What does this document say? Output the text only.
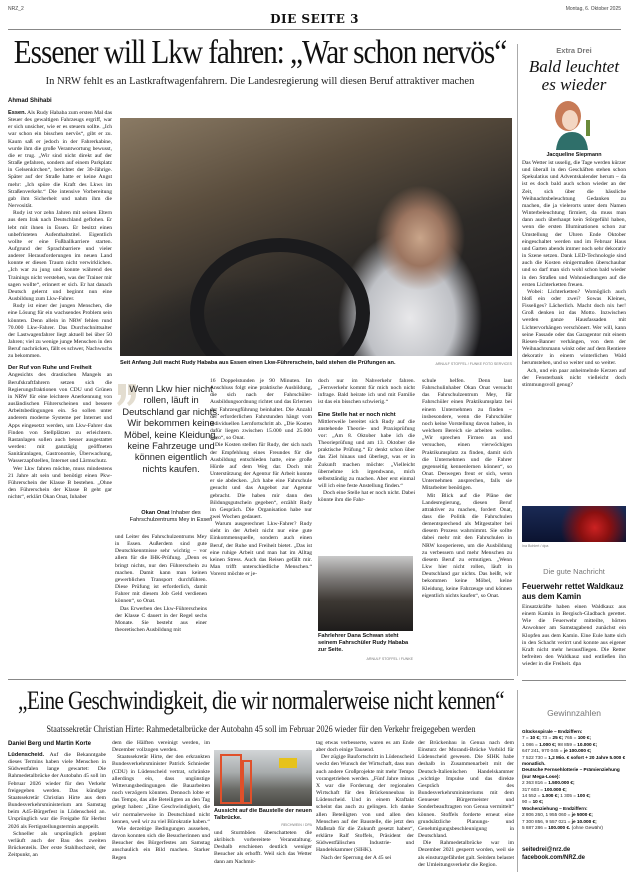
NRZ_2	Montag, 6. Oktober 2025
DIE SEITE 3
Essener will Lkw fahren: „War schon nervös“
In NRW fehlt es an Lastkraftwagenfahrern. Die Landesregierung will diesen Beruf attraktiver machen
Ahmad Shihabi

Essen. Als Rudy Hababa zum ersten Mal das Steuer des gewaltigen Fahrzeugs ergriff, war er sich unsicher, wie er es steuern sollte. „Ich war schon ein bisschen nervös“, gibt er zu. Kaum saß er jedoch in der Fahrerkabine, wurde ihm die große Verantwortung bewusst, die er trug. „Wir sind nicht direkt auf der Straße gefahren, sondern auf einem Parkplatz in Gelsenkirchen“, berichtet der 30-Jährige. Später auf der Straße hatte er keine Angst mehr: „Ich spüre die Kraft des Lkws im Straßenverkehr.“ Die intensive Vorbereitung gab ihm Sicherheit und nahm ihm die Nervosität.

Rudy ist vor zehn Jahren mit seinen Eltern aus dem Irak nach Deutschland geflohen. Er lebt mit ihnen in Essen. Er besitzt einen unbefristeten Aufenthaltstitel. Eigentlich wollte er eine Fußballkarriere starten. Aufgrund der Sprachbarriere und vieler anderer Herausforderungen im neuen Land konnte er diesen Traum nicht verwirklichen. „Ich war zu jung und konnte während des Trainings nicht verstehen, was der Trainer mir sagen wollte“, erinnert er sich. Er hat danach Deutsch gelernt und beginnt nun eine Ausbildung zum Lkw-Fahrer.

Rudy ist einer der jungen Menschen, die eine Lösung für ein wachsendes Problem sein könnten. Denn allein in NRW fehlen rund 70.000 Lkw-Fahrer. Das Durchschnittsalter der Lastwagenfahrer liegt aktuell bei über 50 Jahren; viel zu wenige junge Menschen in den Beruf nachrücken, fällt es schwer, Nachwuchs zu bekommen.

Der Ruf von Ruhe und Freiheit

Angesichts des drastischen Mangels an Berufskraftfahrern setzen sich die Regierungsfraktionen von CDU und Grünen in NRW für eine leichtere Anerkennung von ausländischen Führerscheinen und bessere Arbeitsbedingungen ein. So sollen unter anderem moderne Systeme per Internet und Apps eingesetzt werden, um Lkw-Fahrer das Finden von Stellplätzen zu erleichtern. Rastanlagen sollen auch besser ausgestattet werden: mit ganztägig geöffneten Sanitäranlagen, Gastronomie, Überwachung, Wasserzapfstellen, Internet und Lärmschutz.

Wer Lkw fahren möchte, muss mindestens 21 Jahre alt sein und benötigt einen Pkw-Führerschein der Klasse B bestehen. „Ohne den Führerschein der Klasse B geht gar nichts“, erklärt Okan Onat, Inhaber

Seit Anfang Juli macht Rudy Hababa aus Essen einen Lkw-Führerschein, bald stehen die Prüfungen an.	ARNULF STOFFEL / FUNKE FOTO SERVICES
Wenn Lkw hier nicht rollen, läuft in Deutschland gar nichts. Wir bekommen keine Möbel, keine Kleidung, keine Fahrzeuge und können eigentlich nichts kaufen.
Okan Onat Inhaber des Fahrschulzentrums Mey in Essen

und Leiter des Fahrschulzentrums Mey in Essen. Außerdem sind gute Deutschkenntnisse sehr wichtig – vor allem für die IHK-Prüfung. „Denn es bringt nichts, nur den Führerschein zu machen. Damit kann man keinen gewerblichen Transport durchführen. Diese Prüfung ist erforderlich, damit Fahrer mit diesem Job Geld verdienen können“, so Onat.

Das Erwerben des Lkw-Führerscheins der Klasse C dauert in der Regel sechs Monate. Sie besteht aus einer theoretischen Ausbildung mit

16 Doppelstunden je 90 Minuten. Im Anschluss folgt eine praktische Ausbildung, die sich nach der Fahrschüler-Ausbildungsordnung richtet und das Erlernen der Fahrzeugführung beinhaltet. Die Anzahl der erforderlichen Fahrstunden hängt vom individuellen Lernfortschritt ab. „Die Kosten dafür liegen zwischen 15.000 und 25.000 Euro“, so Onat.

Die Kosten stellen für Rudy, der sich nach der Empfehlung eines Freundes für die Ausbildung entschieden hatte, eine große Hürde auf dem Weg dar. Doch mit Unterstützung der Agentur für Arbeit konnte er sie abdecken. „Ich habe eine Fahrschule gesucht und das Angebot zur Agentur gebracht. Die haben mir dann den Bildungsgutschein gegeben“, erzählt Rudy im Gespräch. Die Organisation habe nur zwei Wochen gedauert.

Warum ausgerechnet Lkw-Fahrer? Rudy sieht in der Arbeit nicht nur eine gute Einkommensquelle, sondern auch einen Beruf, der Ruhe und Freiheit bietet. „Das ist eine ruhige Arbeit und man hat im Alltag keinen Stress. Auch das Reisen gefällt mir. Man trifft unterschiedliche Menschen.“ Vorerst möchte er je-

doch nur im Nahverkehr fahren. „Fernverkehr kommt für mich noch nicht infrage. Bald heirate ich und mit Familie ist das ein bisschen schwierig.“

Eine Stelle hat er noch nicht

Mittlerweile bereitet sich Rudy auf die anstehende Theorie- und Praxisprüfung vor: „Am 8. Oktober habe ich die Theorieprüfung und am 13. Oktober die praktische Prüfung.“ Er denkt schon über das Ziel hinaus und überlegt, was er in Zukunft machen möchte: „Vielleicht übernehme ich irgendwann, mich selbstständig zu machen. Aber erst einmal will ich eine feste Anstellung finden.“

Doch eine Stelle hat er noch nicht. Dabei könnte ihm die Fahr-

Fahrlehrer Dana Schwan steht seinem Fahrschüler Rudy Hababa zur Seite.
ARNULF STOFFEL / FUNKE

schule helfen. Denn laut Fahrschulinhaber Okan Onat versucht das Fahrschulzentrum Mey, für Fahrschüler einen Praktikumsplatz bei einem Unternehmen zu finden – insbesondere, wenn die Fahrschüler noch keine Vorstellung davon haben, in welchem Bereich sie arbeiten wollen. „Wir sprechen Firmen an und versuchen, einen vierwöchigen Praktikumsplatz zu finden, damit sich die Unternehmen und die Fahrer gegenseitig kennenlernen können“, so Onat. Deswegen freut er sich, wenn Unternehmen ansprechen, falls sie Mitarbeiter benötigen.

Mit Blick auf die Pläne der Landesregierung, diesen Beruf attraktiver zu machen, fordert Onat, dass die Politik die Fahrschulen dementsprechend als Mitgestalter bei diesem Prozess wahrnimmt. Sie sollte dabei mehr mit den Fahrschulen in NRW kooperieren, um die Ausbildung zu verbessern und mehr Menschen zu diesem Beruf zu ermutigen. „Wenn Lkw hier nicht rollen, läuft in Deutschland gar nichts. Das heißt, wir bekommen keine Möbel, keine Kleidung, keine Fahrzeuge und können eigentlich nichts kaufen“, so Onat.

„Eine Geschwindigkeit, die wir normalerweise nicht kennen“
Staatssekretär Christian Hirte: Rahmedetalbrücke der Autobahn 45 soll im Februar 2026 wieder für den Verkehr freigegeben werden
Daniel Berg und Martin Korte

Lüdenscheid. Auf die Bekanntgabe dieses Termins haben viele Menschen in Südwestfalen lange gewartet: Die Rahmedetalbrücke der Autobahn 45 soll im Februar 2026 wieder für den Verkehr freigegeben werden. Das kündigte Staatssekretär Christian Hirte aus dem Bundesverkehrsministerium am Samstag beim A45-Bürgerfest in Lüdenscheid an. Ursprünglich war die Freigabe für Herbst 2026 als Fertigstellungstermin angepeilt.

Schneller als ursprünglich geplant verläuft auch der Bau des zweiten Brückenteils. Der erste Stahlhochzeit, der Zeitpunkt, an

dem die Hälften vereinigt werden, im Dezember vollzogen werden.

Staatssekretär Hirte, der den erkrankten Bundesverkehrsminister Patrick Schnieder (CDU) in Lüdenscheid vertrat, schränkte allerdings ein, dass ungünstige Witterungsbedingungen die Bauarbeiten noch verzögern könnten. Dennoch lobte er das Tempo, das alle Beteiligten an den Tag gelegt haben: „Eine Geschwindigkeit, die wir normalerweise in Deutschland nicht kennen, weil wir zu viel Bürokratie haben.“

Wie derzeitige Bedingungen aussehen, davon konnten sich die Besucherinnen und Besucher des Bürgerfestes am Samstag anschaulich ein Bild machen. Starker Regen

Aussicht auf die Baustelle der neuen Talbrücke.
REICHWEIN / DPA

und Sturmböen überschatteten die akribisch vorbereitete Veranstaltung. Deshalb erschienen deutlich weniger Besucher als erhofft. Weil sich das Wetter dann am Nachmit-

tag etwas verbesserte, waren es am Ende aber doch einige Tausend.

Der zügige Baufortschritt in Lüdenscheid weckt den Wunsch der Wirtschaft, dass nun auch andere Großprojekte mit mehr Tempo vorangetrieben werden. „Fünf Jahre minus X war die Forderung der regionalen Wirtschaft für den Brückenneubau in Lüdenscheid. Und in einem Kraftakt scheint das auch zu gelingen. Ich danke allen Beteiligten von und allen den Menschen auf der Baustelle, die jetzt den Maßstab für die Zukunft gesetzt haben“, erklärte Ralf Stoffels, Präsident der Südwestfälischen Industrie- und Handelskammer (SIHK).

Nach der Sperrung der A 45 sei

der Brückenbau in Genua nach dem Einsturz der Morandi-Brücke Vorbild für Lüdenscheid gewesen. Die SIHK habe deshalb in Zusammenarbeit mit der Deutsch-Italienischen Handelskammer „wichtige Impulse und das direkte Gespräch des Bundesverkehrsministeriums mit dem Genueser Bürgermeister und Sonderbeauftragten von Genua vermittelt“ können. Stoffels forderte erneut eine grundsätzliche Planungs- und Genehmigungsbeschleunigung in Deutschland.

Die Rahmedetalbrücke war im Dezember 2021 gesperrt worden, weil sie als einsturzgefährdet galt. Seitdem belastet der Umleitungsverkehr die Region.

Extra Drei
Bald leuchtet es wieder
Jacqueline Siepmann

Das Wetter ist usselig, die Tage werden kürzer und überall in den Geschäften stehen schon Spekulatius und Adventskalender herum – da ist es doch bald auch schon wieder an der Zeit, sich über die hässliche Weihnachtsbeleuchtung Gedanken zu machen, die ja vielerorts unter dem Namen Winterbeleuchtung firmiert, da muss man dann auch überhaupt kein Störgefühl haben, wenn die ersten Illuminationen schon zur Umstellung der Uhren Ende Oktober eingeschaltet werden und im Februar Haus und Garten abends immer noch sehr dekorativ in Szene setzen. Dank LED-Technologie sind auch die Kosten einigermaßen überschaubar und so darf man sich wohl schon bald wieder in den Straßen und Wohnsiedlungen auf die ersten Lichterketten freuen.

Wobei: Lichterketten? Womöglich auch bloß ein oder zwei? Sowas Kleines, Fisseliges? Lächerlich. Macht doch nix her! Groß denken ist das Motto. Inzwischen werden ganze Hausfassaden mit Lichtervorhängen verschönert. Wer will, kann seine Fassade oder das Garagentor mit einem Riesen-Banner verhängen, von dem der Weihnachtsmann winkt oder auf dem Rentiere dekorativ in einem winterlichen Wald herumstehen, und so weiter und so weiter.

Ach, und ein paar anheimelnde Kerzen auf der Fensterbank nicht vielleicht doch stimmungsvoll genug?

Ina Bohlert / dpa
Die gute Nachricht
Feuerwehr rettet Waldkauz aus dem Kamin
Einsatzkräfte haben einen Waldkauz aus einem Kamin in Bergisch-Gladbach gerettet. Wie die Feuerwehr mitteilte, hörten Anwohner am Samstagabend zunächst ein Klopfen aus dem Kamin. Eine Eule hatte sich in den Schacht verirrt und konnte aus eigener Kraft nicht mehr herausfliegen. Die Retter befreiten den Waldkauz und entließen ihn wieder in die Freiheit. dpa
Gewinnzahlen
Glücksspirale – Endziffern:
7 = 10 €; 73 = 25 €; 765 = 100 €;
1 086 = 1.000 €; 98 859 = 10.000 €;
647 241, 970 045 = je 100.000 €;
7 522 730 = 1,2 Mio. € sofort + 20 Jahre 5.000 € monatlich.
Deutsche Fernsehlotterie – Prämienziehung (nur Mega-Lose):
2 363 816 = 1.500.000 €;
317 603 = 100.000 €;
14 552 = 1.000 €; 1 305 = 100 €;
90 = 10 €;
Wochenziehung – Endziffern:
2 806 260, 1 955 060 = je 5000 €;
7 300 856, 9 557 021 = je 10.000 €;
5 887 286 = 100.000 €. (ohne Gewähr)
seitedrei@nrz.de
facebook.com/NRZ.de
